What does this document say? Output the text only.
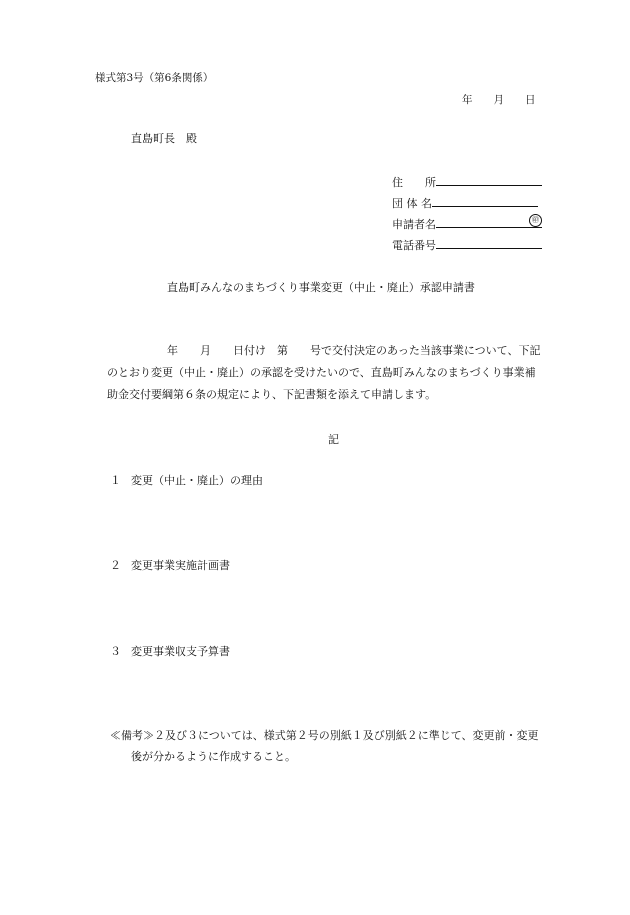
様式第3号（第6条関係）
年　　月　　日
直島町長　殿
住　　所
団 体 名
申請者名	㊞
電話番号
直島町みんなのまちづくり事業変更（中止・廃止）承認申請書

年　　月　　日付け　第　　号で交付決定のあった当該事業について、下記

のとおり変更（中止・廃止）の承認を受けたいので、直島町みんなのまちづくり事業補

助金交付要綱第６条の規定により、下記書類を添えて申請します。

記
１ 変更（中止・廃止）の理由
２ 変更事業実施計画書
３ 変更事業収支予算書

≪備考≫２及び３については、様式第２号の別紙１及び別紙２に準じて、変更前・変更

後が分かるように作成すること。
